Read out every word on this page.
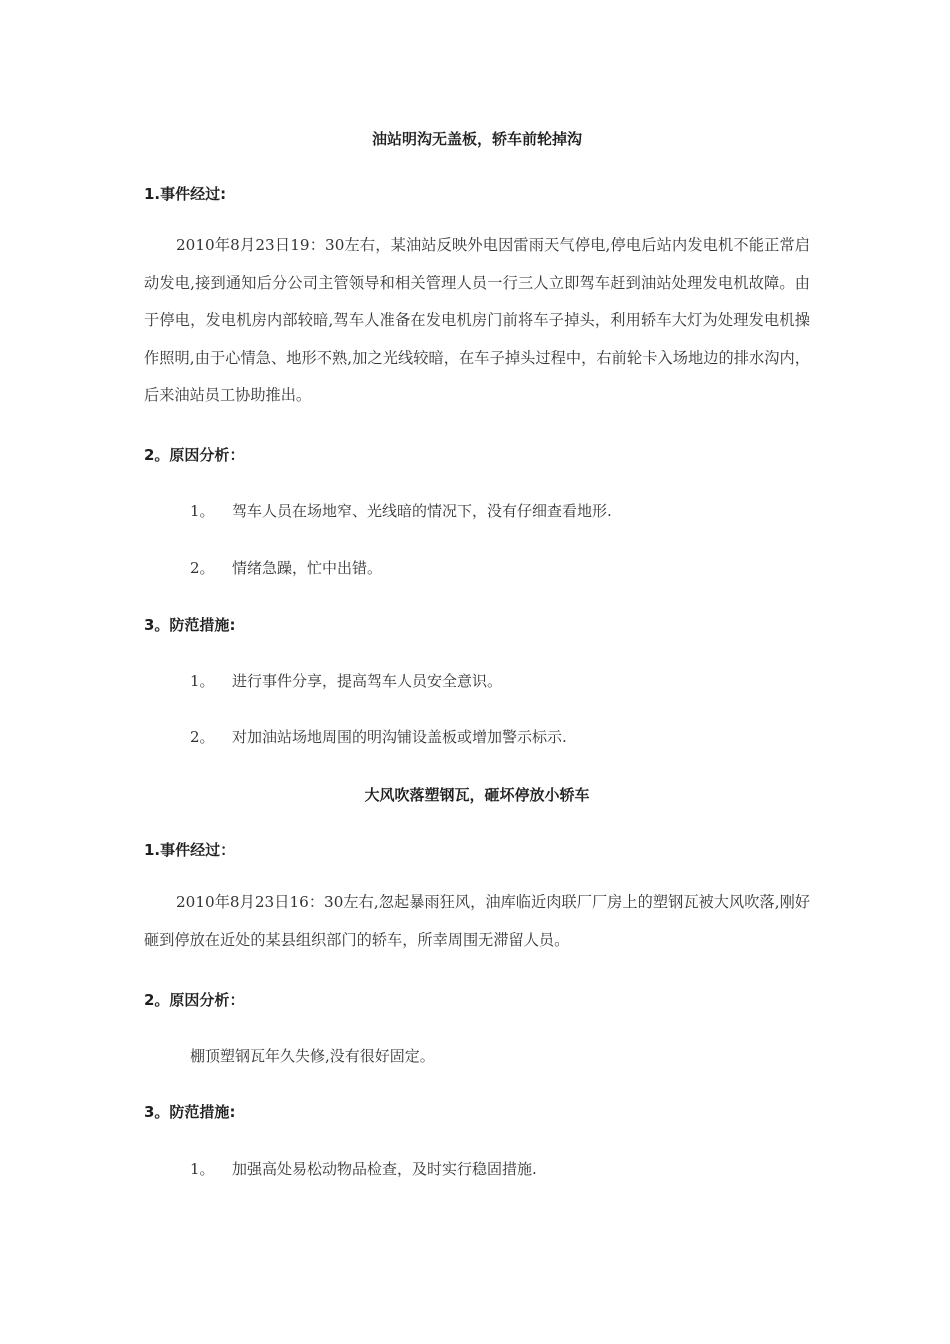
油站明沟无盖板，轿车前轮掉沟
1.事件经过:

2010年8月23日19：30左右，某油站反映外电因雷雨天气停电,停电后站内发电机不能正常启动发电,接到通知后分公司主管领导和相关管理人员一行三人立即驾车赶到油站处理发电机故障。由于停电，发电机房内部较暗,驾车人准备在发电机房门前将车子掉头，利用轿车大灯为处理发电机操作照明,由于心情急、地形不熟,加之光线较暗，在车子掉头过程中，右前轮卡入场地边的排水沟内，后来油站员工协助推出。

2。原因分析：
1。 驾车人员在场地窄、光线暗的情况下，没有仔细查看地形.
2。 情绪急躁，忙中出错。
3。防范措施:
1。 进行事件分享，提高驾车人员安全意识。
2。 对加油站场地周围的明沟铺设盖板或增加警示标示.
大风吹落塑钢瓦，砸坏停放小轿车
1.事件经过：

2010年8月23日16：30左右,忽起暴雨狂风，油库临近肉联厂厂房上的塑钢瓦被大风吹落,刚好砸到停放在近处的某县组织部门的轿车，所幸周围无滞留人员。

2。原因分析：
棚顶塑钢瓦年久失修,没有很好固定。
3。防范措施:
1。 加强高处易松动物品检查，及时实行稳固措施.
